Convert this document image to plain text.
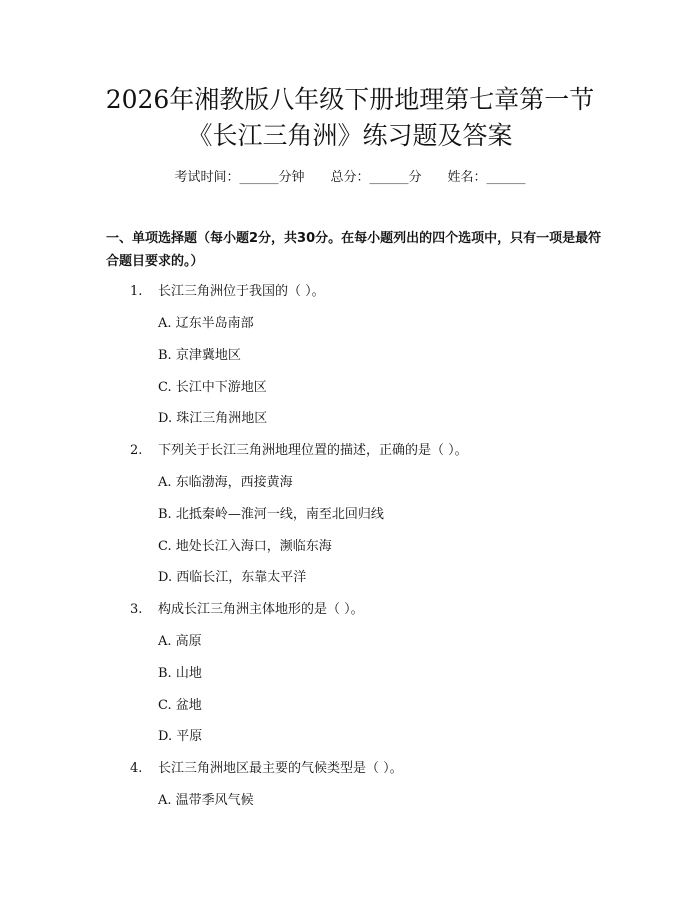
2026年湘教版八年级下册地理第七章第一节
《长江三角洲》练习题及答案
考试时间：______分钟 总分：______分 姓名：______
一、单项选择题（每小题2分，共30分。在每小题列出的四个选项中，只有一项是最符合题目要求的。）
1. 长江三角洲位于我国的（ ）。
A. 辽东半岛南部
B. 京津冀地区
C. 长江中下游地区
D. 珠江三角洲地区
2. 下列关于长江三角洲地理位置的描述，正确的是（ ）。
A. 东临渤海，西接黄海
B. 北抵秦岭—淮河一线，南至北回归线
C. 地处长江入海口，濒临东海
D. 西临长江，东靠太平洋
3. 构成长江三角洲主体地形的是（ ）。
A. 高原
B. 山地
C. 盆地
D. 平原
4. 长江三角洲地区最主要的气候类型是（ ）。
A. 温带季风气候
